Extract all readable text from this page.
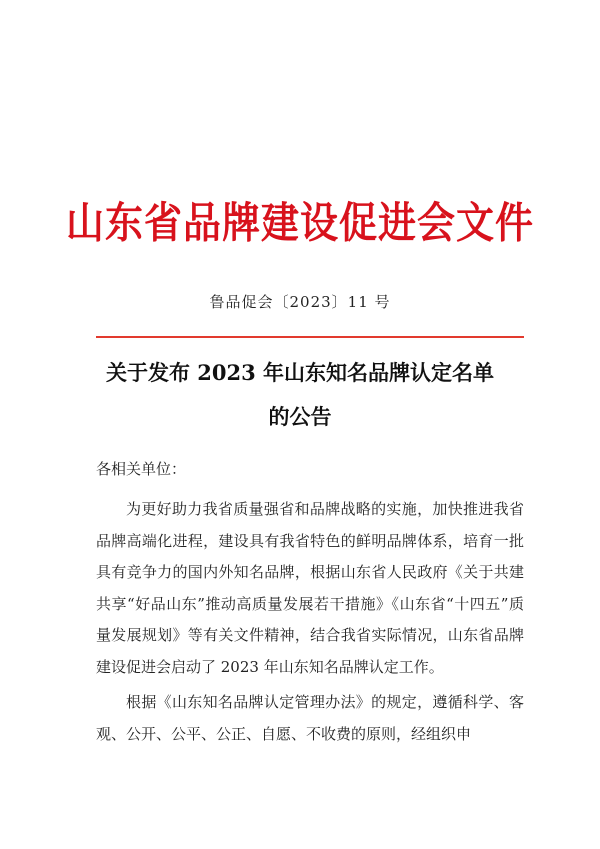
山东省品牌建设促进会文件
鲁品促会〔2023〕11 号
关于发布 2023 年山东知名品牌认定名单
的公告
各相关单位：

为更好助力我省质量强省和品牌战略的实施，加快推进我省品牌高端化进程，建设具有我省特色的鲜明品牌体系，培育一批具有竞争力的国内外知名品牌，根据山东省人民政府《关于共建共享“好品山东”推动高质量发展若干措施》《山东省“十四五”质量发展规划》等有关文件精神，结合我省实际情况，山东省品牌建设促进会启动了 2023 年山东知名品牌认定工作。

根据《山东知名品牌认定管理办法》的规定，遵循科学、客观、公开、公平、公正、自愿、不收费的原则，经组织申
